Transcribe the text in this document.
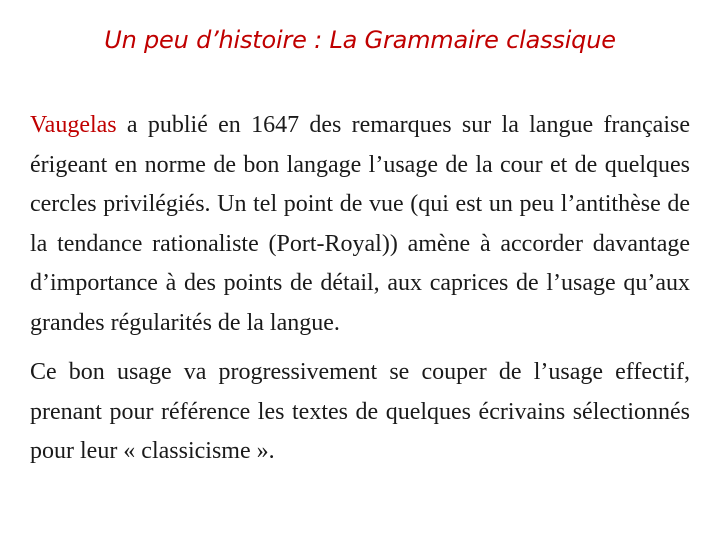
Un peu d’histoire : La Grammaire classique

Vaugelas a publié en 1647 des remarques sur la langue française érigeant en norme de bon langage l’usage de la cour et de quelques cercles privilégiés. Un tel point de vue (qui est un peu l’antithèse de la tendance rationaliste (Port-Royal)) amène à accorder davantage d’importance à des points de détail, aux caprices de l’usage qu’aux grandes régularités de la langue.

Ce bon usage va progressivement se couper de l’usage effectif, prenant pour référence les textes de quelques écrivains sélectionnés pour leur « classicisme ».
